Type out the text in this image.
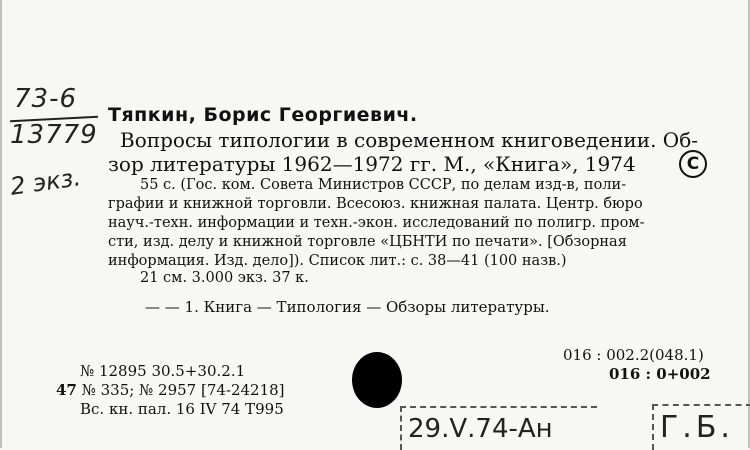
73-6
13779
2 экз.
Тяпкин, Борис Георгиевич.
Вопросы типологии в современном книговедении. Об-
зор литературы 1962—1972 гг. М., «Книга», 1974	C
55 с. (Гос. ком. Совета Министров СССР, по делам изд-в, поли-
графии и книжной торговли. Всесоюз. книжная палата. Центр. бюро
науч.-техн. информации и техн.-экон. исследований по полигр. пром-
сти, изд. делу и книжной торговле «ЦБНТИ по печати». [Обзорная
информация. Изд. дело]). Список лит.: с. 38—41 (100 назв.)
21 см. 3.000 экз. 37 к.
— — 1. Книга — Типология — Обзоры литературы.
№ 12895 30.5+30.2.1
47 № 335; № 2957 [74-24218]
Вс. кн. пал. 16 IV 74 T995
016 : 002.2(048.1)
016 : 0+002
29.Ⅴ.74-Ан	Г.Б.
